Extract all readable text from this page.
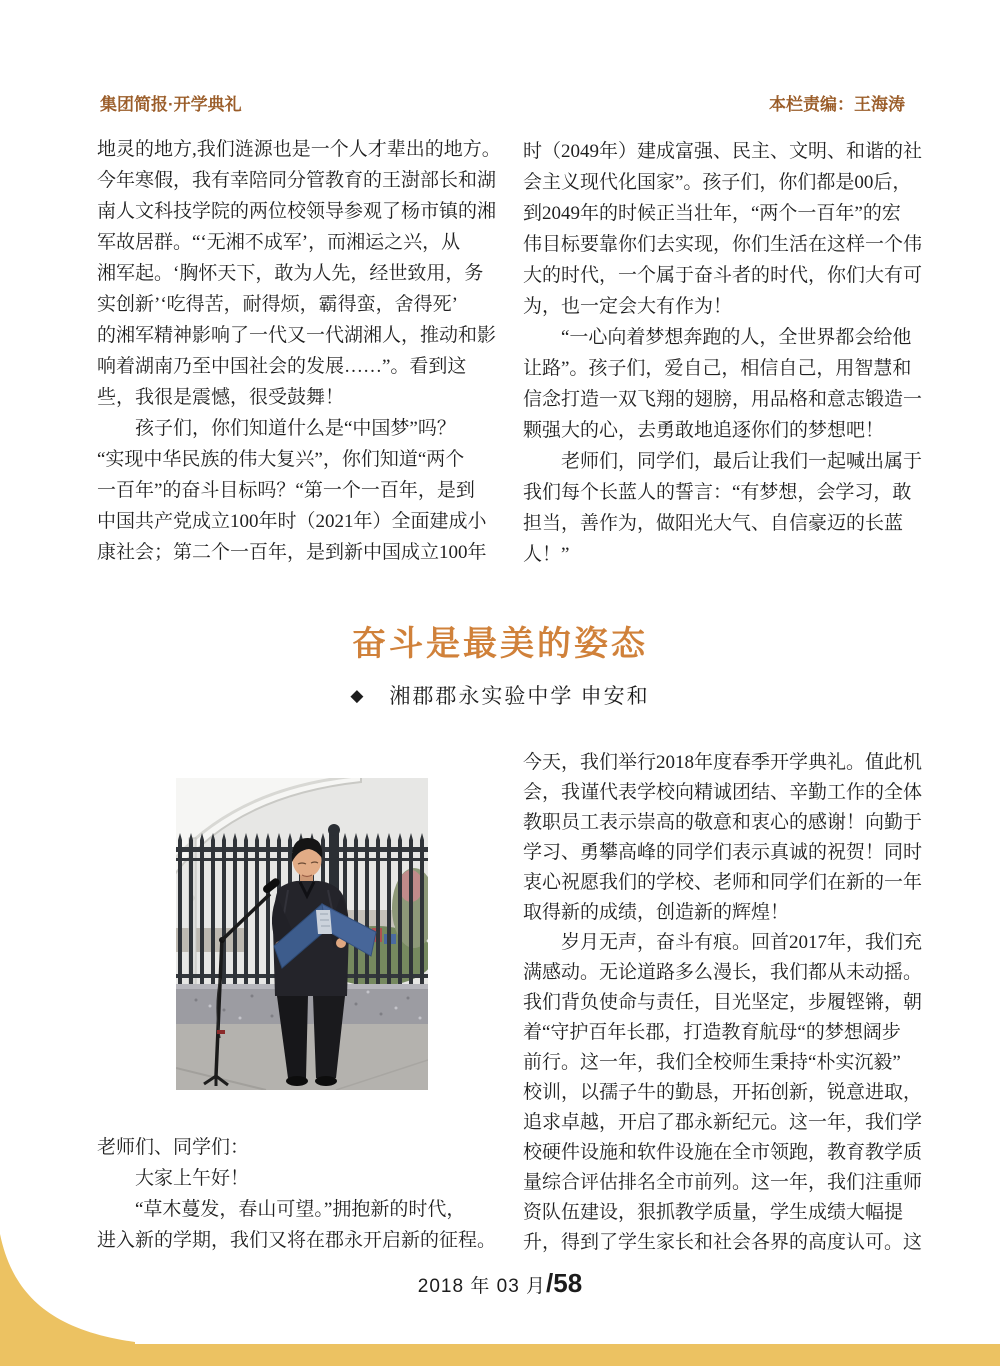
集团简报·开学典礼	本栏责编：王海涛
地灵的地方,我们涟源也是一个人才辈出的地方。
今年寒假，我有幸陪同分管教育的王澍部长和湖
南人文科技学院的两位校领导参观了杨市镇的湘
军故居群。“‘无湘不成军’，而湘运之兴，从
湘军起。‘胸怀天下，敢为人先，经世致用，务
实创新’‘吃得苦，耐得烦，霸得蛮，舍得死’
的湘军精神影响了一代又一代湖湘人，推动和影
响着湖南乃至中国社会的发展……”。看到这
些，我很是震憾，很受鼓舞！
　　孩子们，你们知道什么是“中国梦”吗？
“实现中华民族的伟大复兴”，你们知道“两个
一百年”的奋斗目标吗？“第一个一百年，是到
中国共产党成立100年时（2021年）全面建成小
康社会；第二个一百年，是到新中国成立100年
时（2049年）建成富强、民主、文明、和谐的社
会主义现代化国家”。孩子们，你们都是00后，
到2049年的时候正当壮年，“两个一百年”的宏
伟目标要靠你们去实现，你们生活在这样一个伟
大的时代，一个属于奋斗者的时代，你们大有可
为，也一定会大有作为！
　　“一心向着梦想奔跑的人，全世界都会给他
让路”。孩子们，爱自己，相信自己，用智慧和
信念打造一双飞翔的翅膀，用品格和意志锻造一
颗强大的心，去勇敢地追逐你们的梦想吧！
　　老师们，同学们，最后让我们一起喊出属于
我们每个长蓝人的誓言：“有梦想，会学习，敢
担当，善作为，做阳光大气、自信豪迈的长蓝
人！”
奋斗是最美的姿态
◆ 湘郡郡永实验中学 申安和
老师们、同学们：
　　大家上午好！
　　“草木蔓发，春山可望。”拥抱新的时代，
进入新的学期，我们又将在郡永开启新的征程。
今天，我们举行2018年度春季开学典礼。值此机
会，我谨代表学校向精诚团结、辛勤工作的全体
教职员工表示崇高的敬意和衷心的感谢！向勤于
学习、勇攀高峰的同学们表示真诚的祝贺！同时
衷心祝愿我们的学校、老师和同学们在新的一年
取得新的成绩，创造新的辉煌！
　　岁月无声，奋斗有痕。回首2017年，我们充
满感动。无论道路多么漫长，我们都从未动摇。
我们背负使命与责任，目光坚定，步履铿锵，朝
着“守护百年长郡，打造教育航母“的梦想阔步
前行。这一年，我们全校师生秉持“朴实沉毅”
校训，以孺子牛的勤恳，开拓创新，锐意进取，
追求卓越，开启了郡永新纪元。这一年，我们学
校硬件设施和软件设施在全市领跑，教育教学质
量综合评估排名全市前列。这一年，我们注重师
资队伍建设，狠抓教学质量，学生成绩大幅提
升，得到了学生家长和社会各界的高度认可。这
2018 年 03 月/58
